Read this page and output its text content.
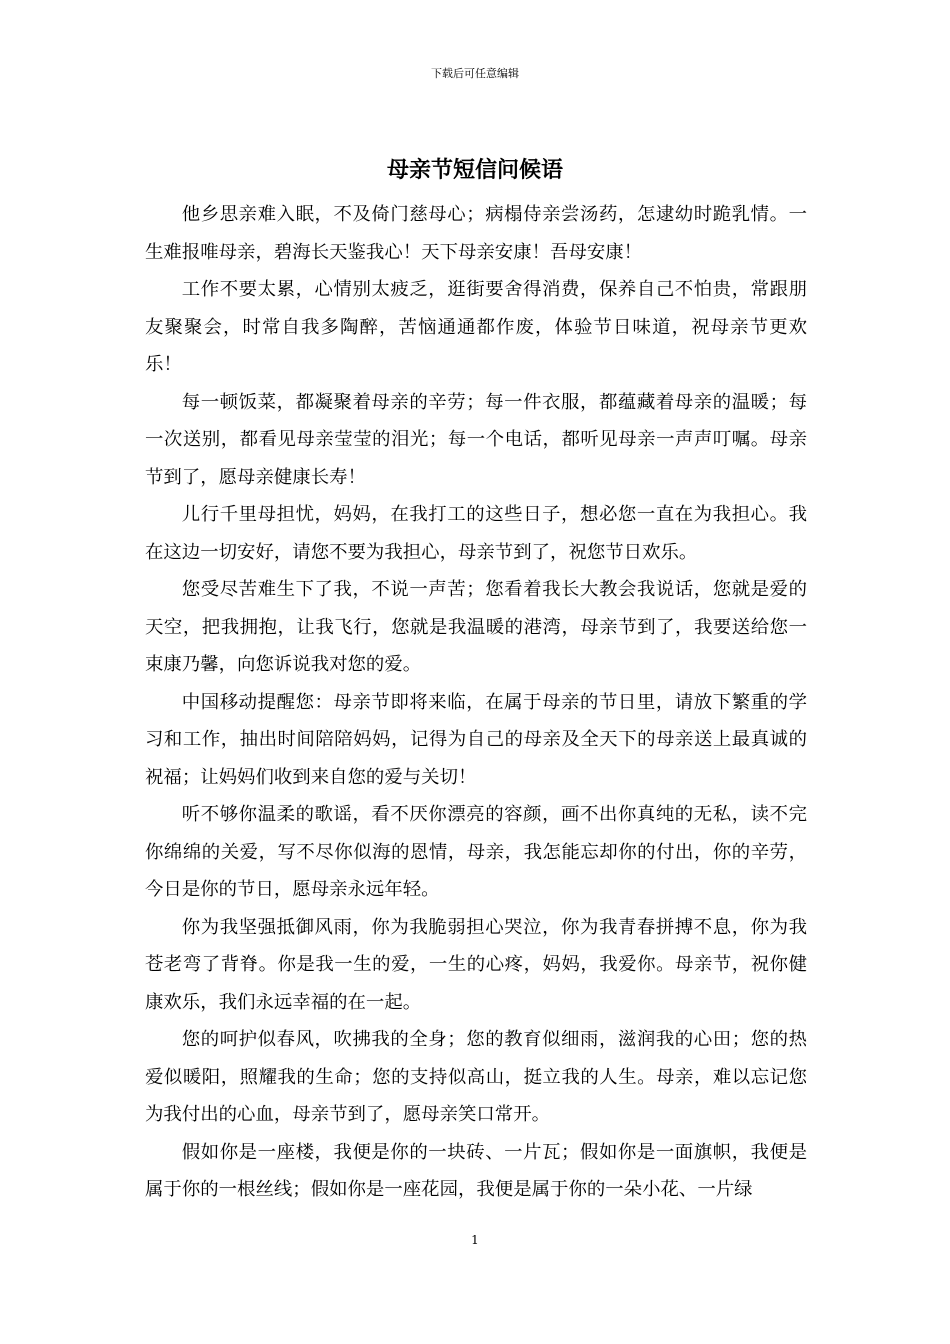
下载后可任意编辑
母亲节短信问候语

他乡思亲难入眠，不及倚门慈母心；病榻侍亲尝汤药，怎逮幼时跪乳情。一生难报唯母亲，碧海长天鉴我心！天下母亲安康！吾母安康！

工作不要太累，心情别太疲乏，逛街要舍得消费，保养自己不怕贵，常跟朋友聚聚会，时常自我多陶醉，苦恼通通都作废，体验节日味道，祝母亲节更欢乐！

每一顿饭菜，都凝聚着母亲的辛劳；每一件衣服，都蕴藏着母亲的温暖；每一次送别，都看见母亲莹莹的泪光；每一个电话，都听见母亲一声声叮嘱。母亲节到了，愿母亲健康长寿！

儿行千里母担忧，妈妈，在我打工的这些日子，想必您一直在为我担心。我在这边一切安好，请您不要为我担心，母亲节到了，祝您节日欢乐。

您受尽苦难生下了我，不说一声苦；您看着我长大教会我说话，您就是爱的天空，把我拥抱，让我飞行，您就是我温暖的港湾，母亲节到了，我要送给您一束康乃馨，向您诉说我对您的爱。

中国移动提醒您：母亲节即将来临，在属于母亲的节日里，请放下繁重的学习和工作，抽出时间陪陪妈妈，记得为自己的母亲及全天下的母亲送上最真诚的祝福；让妈妈们收到来自您的爱与关切！

听不够你温柔的歌谣，看不厌你漂亮的容颜，画不出你真纯的无私，读不完你绵绵的关爱，写不尽你似海的恩情，母亲，我怎能忘却你的付出，你的辛劳，今日是你的节日，愿母亲永远年轻。

你为我坚强抵御风雨，你为我脆弱担心哭泣，你为我青春拼搏不息，你为我苍老弯了背脊。你是我一生的爱，一生的心疼，妈妈，我爱你。母亲节，祝你健康欢乐，我们永远幸福的在一起。

您的呵护似春风，吹拂我的全身；您的教育似细雨，滋润我的心田；您的热爱似暖阳，照耀我的生命；您的支持似高山，挺立我的人生。母亲，难以忘记您为我付出的心血，母亲节到了，愿母亲笑口常开。

假如你是一座楼，我便是你的一块砖、一片瓦；假如你是一面旗帜，我便是属于你的一根丝线；假如你是一座花园，我便是属于你的一朵小花、一片绿

1
